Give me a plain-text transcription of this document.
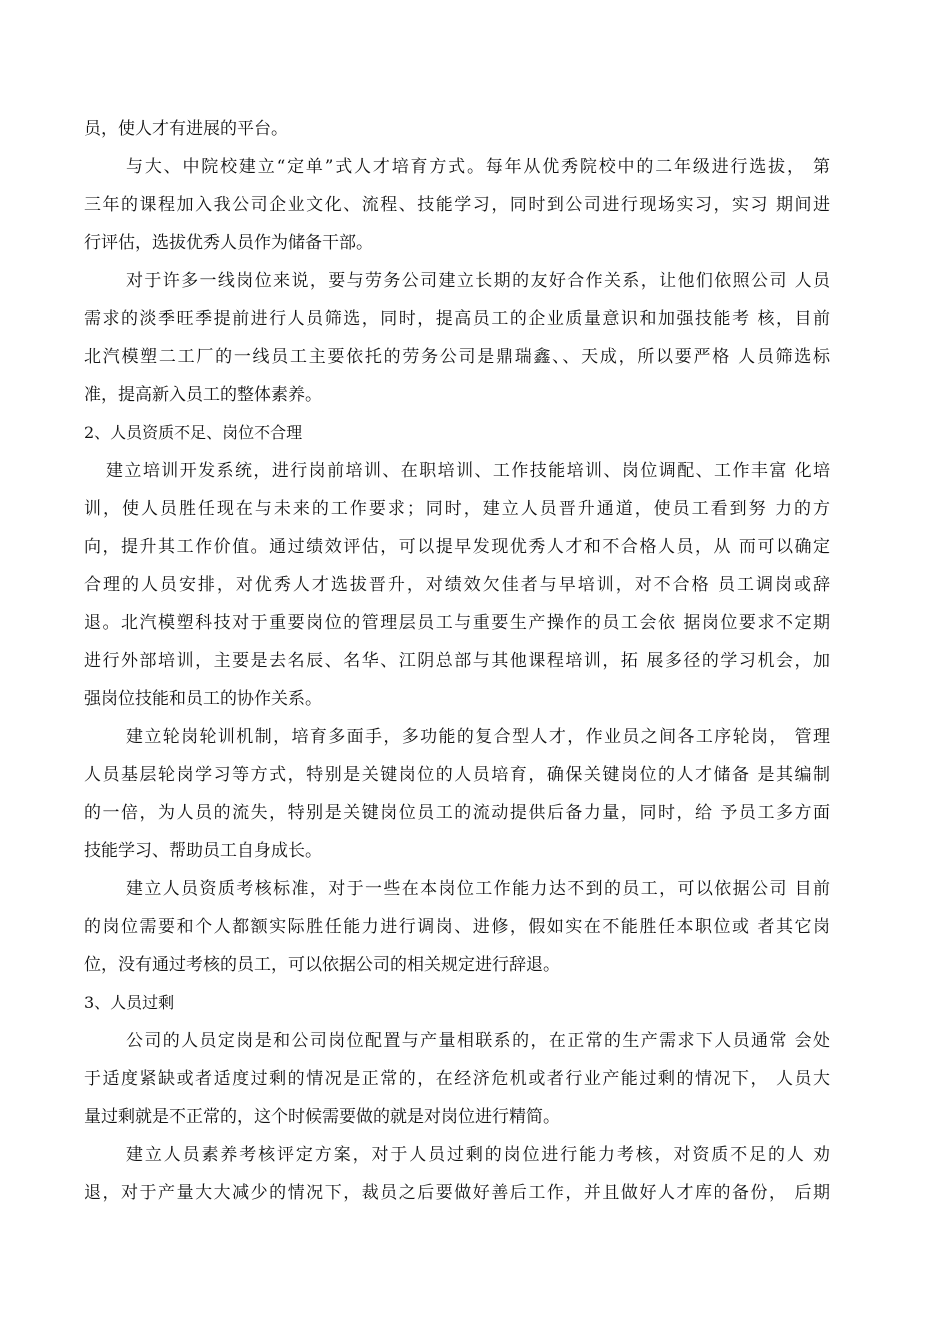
员，使人才有进展的平台。
与大、中院校建立“定单”式人才培育方式。每年从优秀院校中的二年级进行选拔， 第
三年的课程加入我公司企业文化、流程、技能学习，同时到公司进行现场实习，实习 期间进
行评估，选拔优秀人员作为储备干部。
对于许多一线岗位来说，要与劳务公司建立长期的友好合作关系，让他们依照公司 人员
需求的淡季旺季提前进行人员筛选，同时，提高员工的企业质量意识和加强技能考 核，目前
北汽模塑二工厂的一线员工主要依托的劳务公司是鼎瑞鑫、、天成，所以要严格 人员筛选标
准，提高新入员工的整体素养。
2、人员资质不足、岗位不合理
建立培训开发系统，进行岗前培训、在职培训、工作技能培训、岗位调配、工作丰富 化培
训，使人员胜任现在与未来的工作要求；同时，建立人员晋升通道，使员工看到努 力的方
向，提升其工作价值。通过绩效评估，可以提早发现优秀人才和不合格人员，从 而可以确定
合理的人员安排，对优秀人才选拔晋升，对绩效欠佳者与早培训，对不合格 员工调岗或辞
退。北汽模塑科技对于重要岗位的管理层员工与重要生产操作的员工会依 据岗位要求不定期
进行外部培训，主要是去名辰、名华、江阴总部与其他课程培训，拓 展多径的学习机会，加
强岗位技能和员工的协作关系。
建立轮岗轮训机制，培育多面手，多功能的复合型人才，作业员之间各工序轮岗， 管理
人员基层轮岗学习等方式，特别是关键岗位的人员培育，确保关键岗位的人才储备 是其编制
的一倍，为人员的流失，特别是关键岗位员工的流动提供后备力量，同时，给 予员工多方面
技能学习、帮助员工自身成长。
建立人员资质考核标准，对于一些在本岗位工作能力达不到的员工，可以依据公司 目前
的岗位需要和个人都额实际胜任能力进行调岗、进修，假如实在不能胜任本职位或 者其它岗
位，没有通过考核的员工，可以依据公司的相关规定进行辞退。
3、人员过剩
公司的人员定岗是和公司岗位配置与产量相联系的，在正常的生产需求下人员通常 会处
于适度紧缺或者适度过剩的情况是正常的，在经济危机或者行业产能过剩的情况下， 人员大
量过剩就是不正常的，这个时候需要做的就是对岗位进行精简。
建立人员素养考核评定方案，对于人员过剩的岗位进行能力考核，对资质不足的人 劝
退，对于产量大大减少的情况下，裁员之后要做好善后工作，并且做好人才库的备份， 后期
